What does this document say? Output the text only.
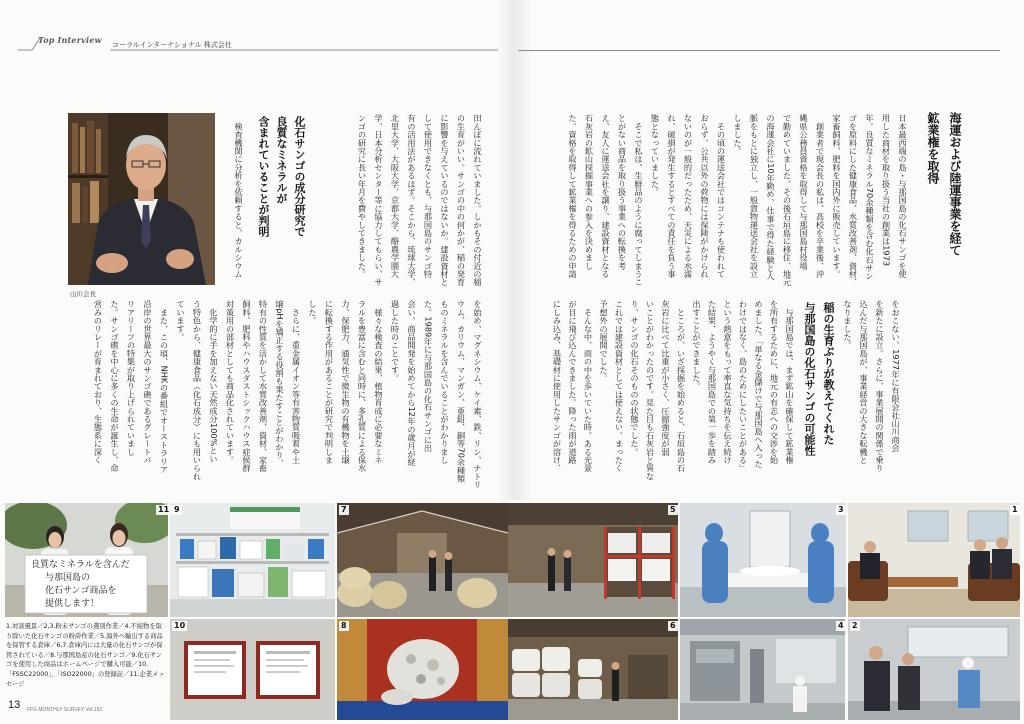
Top Interview コーラルインターナショナル 株式会社
山川会長
田んぼに流れていました。しかもその付近の稲
の生育がいい。サンゴの中の何かが、稲の発育
に影響を与えているのではないか。建設資材と
して使用できなくとも、与那国島のサンゴ特
有の活用法があるはず。そこから、琉球大学、
北里大学、大阪大学、京都大学、酪農学園大
学、日本分析センター等に協力してもらい、サ
ンゴの研究に長い年月を費やしてきました。
化石サンゴの成分研究で
良質なミネラルが
含まれていることが判明
　検査機関に分析を依頼すると、カルシウム
を始め、マグネシウム、ケイ素、鉄、リン、ナトリ
ウム、カリウム、マンガン、亜鉛、銅等70余種類
ものミネラルを含んでいることがわかりまし
た。1989年に与那国島の化石サンゴに出
会い、商品開発を始めてから12年の歳月が経
過した時のことです。
　様々な検査の結果、植物育成に必要なミネ
ラルを豊富に含むと同時に、多孔質による保水
力、保肥力、通気性で微生物の有機物を土壌
に転換する作用があることが研究で判明しま
した。
　さらに、重金属イオン等有害物質吸着や土
壌pHを矯正する役割も果たすことがわかり、
特有の性質を活かして水質改善剤、資材、家畜
飼料、肥料やハウスダストシックハウス症候群
対策用の部材としても商品化されています。
　化学的に手を加えない天然成分100%とい
う特色から、健康食品（化石成分）にも用いられ
ています。
　また、この頃、NHKの番組でオーストラリア
沿岸の世界最大のサンゴ礁であるグレートバ
リアリーフの特集が取り上げられていまし
た。サンゴ礁を中心に多くの生命が誕生し、命
営みのリレーが育まれており、生態系に深く
海運および陸運事業を経て
鉱業権を取得
日本最西端の島・与那国島の化石サンゴを使
用した商材を取り扱う当社の創業は1973
年。良質なミネラル70余種類を含む化石サン
ゴを原料にした健康食品、水質改善剤、資材、
家畜飼料、肥料を国内外に販売しています。
　創業者で現会長の私は、高校を卒業後、沖
縄県公務員資格を取得して与那国島村役場
で勤めていました。その後石垣島に移住、地元
の海運会社に10年勤め、仕事で得た経験と人
脈をもとに独立し、一般貨物運送会社を設立
しました。
　その頃の運送会社ではコンテナも使われて
おらず、公共以外の荷物には保険がかけられ
ないのが一般的だったため、天災による水濡
れ、破損が発生するとすべての責任を負う事
態となっていました。
　そこで私は、生鮮品のように腐ってしまうこ
とがない商品を取り扱う事業への転換を考
え、友人に運送会社を譲り、建設資材となる
石灰岩の鉱山採掘事業への参入を決めまし
た。資格を取得して鉱業権を得るための申請
をおこない、1977年に有限会社山川商会
を新たに設立。さらに、事業展開の関係で乗り
込んだ与那国島が、事業経営の大きな転機と
なりました。
稲の生育ぶりが教えてくれた
与那国島の化石サンゴの可能性
　与那国島では、まず鉱山を確保して鉱業権
を所有するために、地元の有志への交渉を始
めました。「単なる金儲けで与那国島へ入った
わけではなく、島のためにしたいことがある」
という熱意をもって率直な気持ちを伝え続け
た結果、ようやく与那国島での第一歩を踏み
出すことができました。
　ところが、いざ採掘を始めると、石垣島の石
灰岩に比べて比重が小さく、圧縮強度が弱
いことがわかったのです。見た目も石灰岩と異な
り、サンゴの化石そのものの状態でした。
これでは建設資材としては使えない。まったく
予想外の展開でした。
　そんな中、雨の中を歩いていた時、ある光景
が目に飛び込んできました。降った雨が道路
にしみ込み、基礎材に使用したサンゴが溶け、
良質なミネラルを含んだ
与那国島の
化石サンゴ商品を
提供します！
1.対談風景／2,3.粉末サンゴの選別作業／4.不純物を取り除いた化石サンゴの粉砕作業／5.海外へ輸出する商品を保管する倉庫／6,7.倉庫内には大量の化石サンゴが保管されている／8.与那国島産の化石サンゴ／9.化石サンゴを使用した商品はホームページで購入可能／10.「FSSC22000」、「ISO22000」の登録証／11.企業メッセージ
11 9	7	5	3	1
10	8	6	4 2
13 FFG MONTHLY SURVEY Vol.152
